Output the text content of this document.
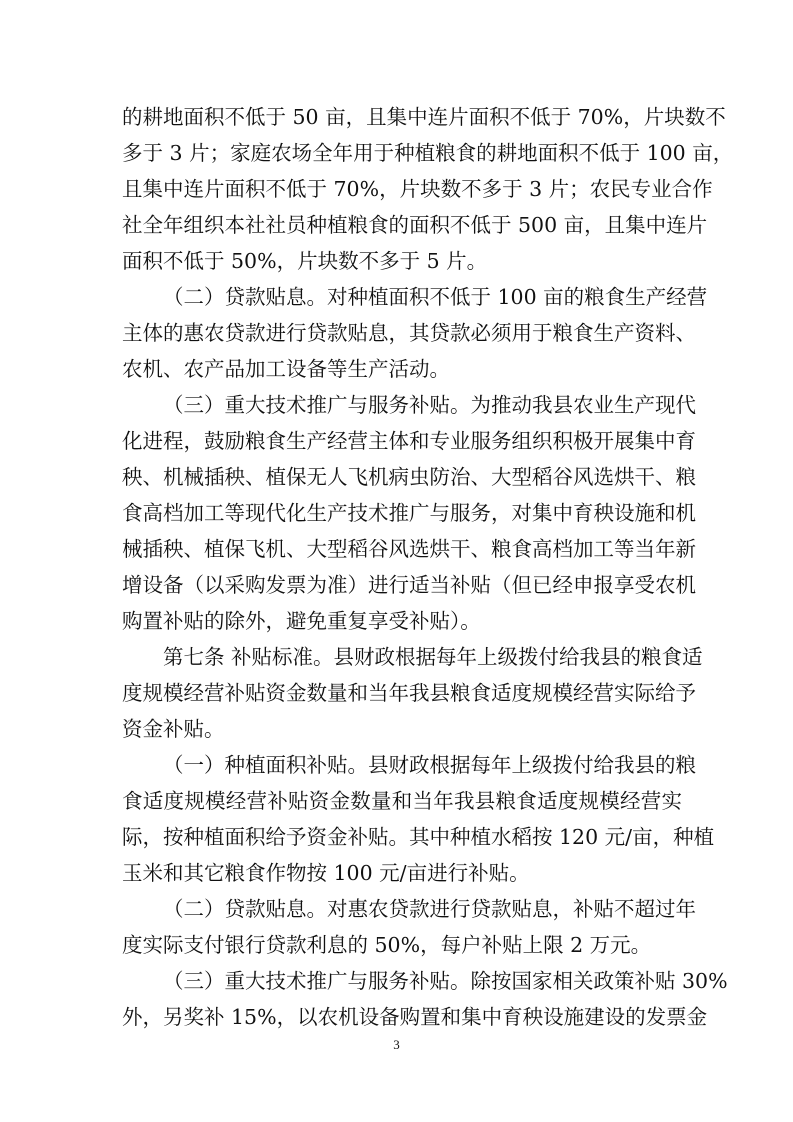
的耕地面积不低于 50 亩，且集中连片面积不低于 70%，片块数不
多于 3 片；家庭农场全年用于种植粮食的耕地面积不低于 100 亩，
且集中连片面积不低于 70%，片块数不多于 3 片；农民专业合作
社全年组织本社社员种植粮食的面积不低于 500 亩，且集中连片
面积不低于 50%，片块数不多于 5 片。
（二）贷款贴息。对种植面积不低于 100 亩的粮食生产经营
主体的惠农贷款进行贷款贴息，其贷款必须用于粮食生产资料、
农机、农产品加工设备等生产活动。
（三）重大技术推广与服务补贴。为推动我县农业生产现代
化进程，鼓励粮食生产经营主体和专业服务组织积极开展集中育
秧、机械插秧、植保无人飞机病虫防治、大型稻谷风选烘干、粮
食高档加工等现代化生产技术推广与服务，对集中育秧设施和机
械插秧、植保飞机、大型稻谷风选烘干、粮食高档加工等当年新
增设备（以采购发票为准）进行适当补贴（但已经申报享受农机
购置补贴的除外，避免重复享受补贴）。
第七条 补贴标准。县财政根据每年上级拨付给我县的粮食适
度规模经营补贴资金数量和当年我县粮食适度规模经营实际给予
资金补贴。
（一）种植面积补贴。县财政根据每年上级拨付给我县的粮
食适度规模经营补贴资金数量和当年我县粮食适度规模经营实
际，按种植面积给予资金补贴。其中种植水稻按 120 元/亩，种植
玉米和其它粮食作物按 100 元/亩进行补贴。
（二）贷款贴息。对惠农贷款进行贷款贴息，补贴不超过年
度实际支付银行贷款利息的 50%，每户补贴上限 2 万元。
（三）重大技术推广与服务补贴。除按国家相关政策补贴 30%
外，另奖补 15%，以农机设备购置和集中育秧设施建设的发票金
3
